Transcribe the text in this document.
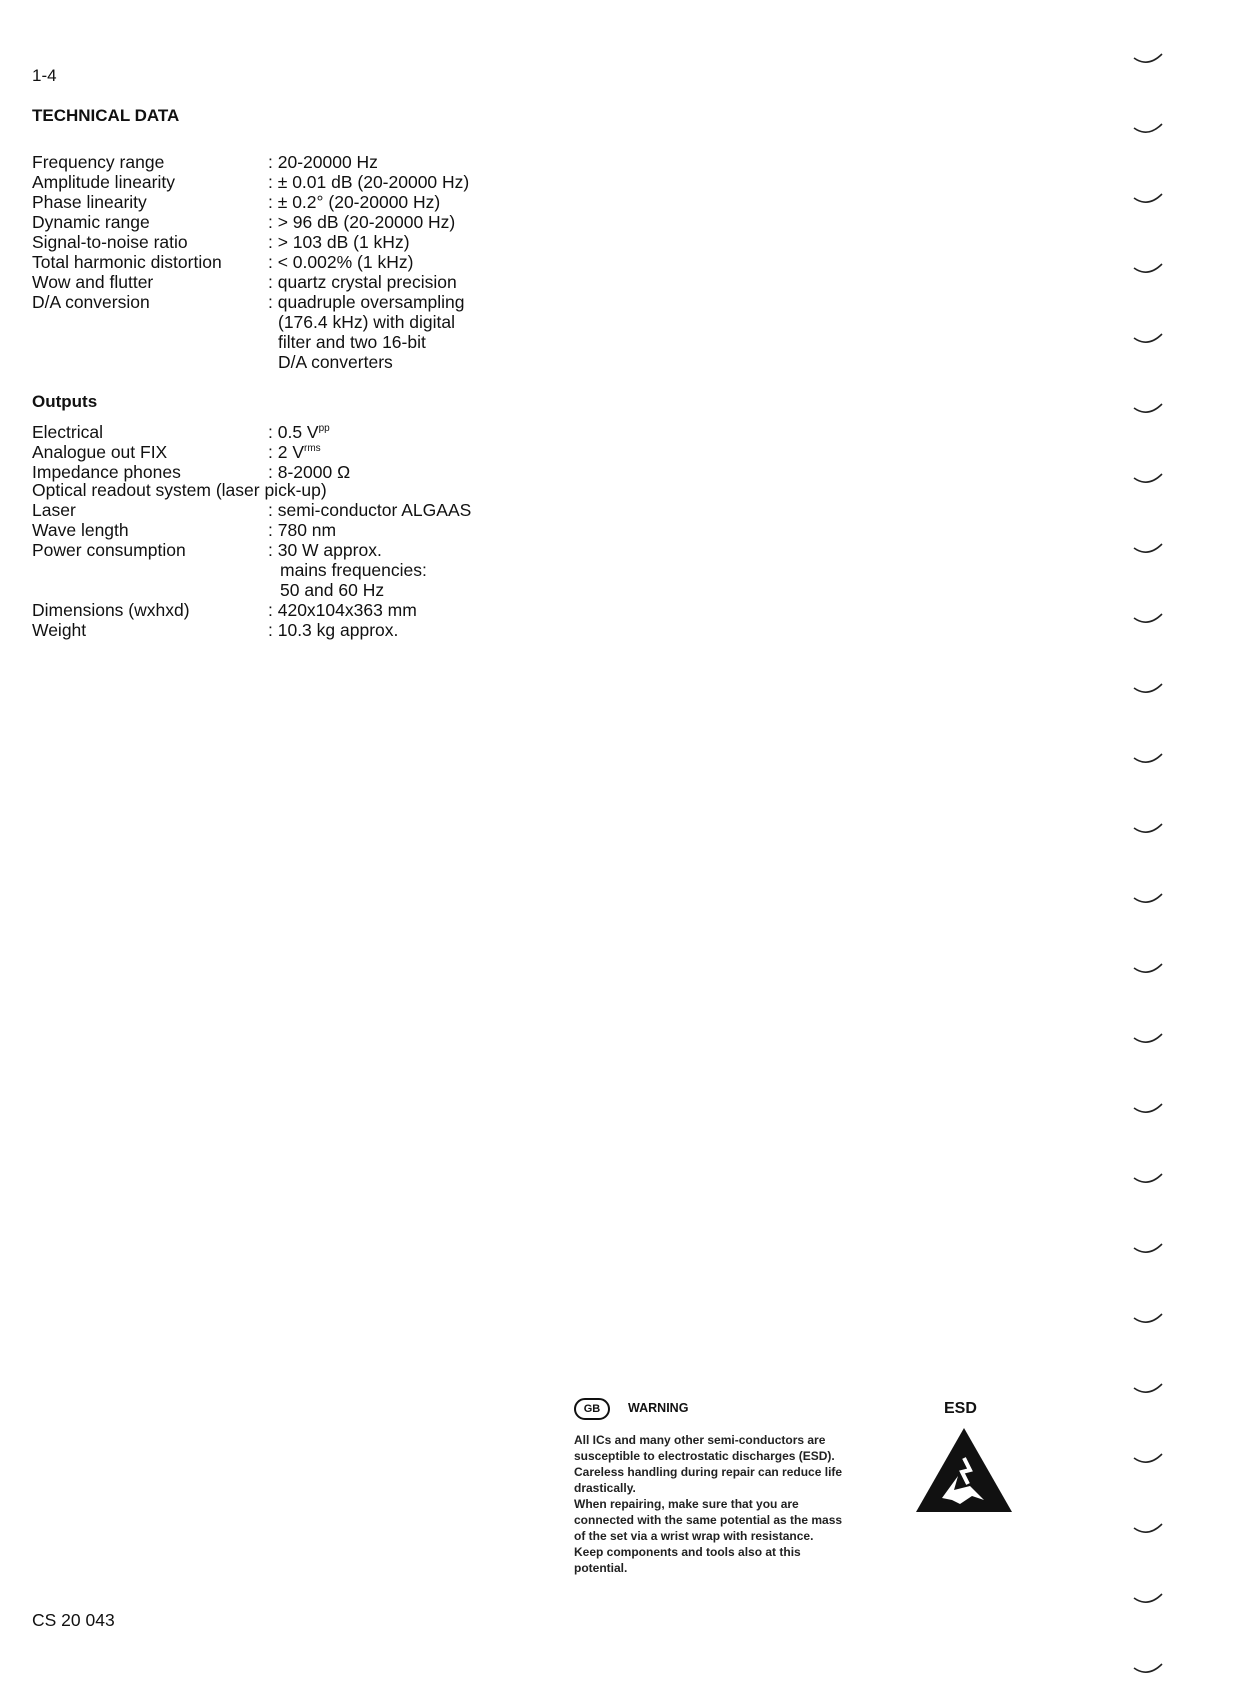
1-4
TECHNICAL DATA
Frequency range	: 20-20000 Hz
Amplitude linearity	: ± 0.01 dB (20-20000 Hz)
Phase linearity	: ± 0.2° (20-20000 Hz)
Dynamic range	: > 96 dB (20-20000 Hz)
Signal-to-noise ratio	: > 103 dB (1 kHz)
Total harmonic distortion	: < 0.002% (1 kHz)
Wow and flutter	: quartz crystal precision
D/A conversion	: quadruple oversampling
(176.4 kHz) with digital
filter and two 16-bit
D/A converters
Outputs
Electrical	: 0.5 $V^{pp}$
Analogue out FIX	: 2 $V^{rms}$
Impedance phones	: 8-2000 Ω
Optical readout system (laser pick-up)
Laser	: semi-conductor ALGAAS
Wave length	: 780 nm
Power consumption	: 30 W approx.
mains frequencies:
50 and 60 Hz
Dimensions (wxhxd)	: 420x104x363 mm
Weight	: 10.3 kg approx.
GB	WARNING
All ICs and many other semi-conductors are
susceptible to electrostatic discharges (ESD).
Careless handling during repair can reduce life
drastically.
When repairing, make sure that you are
connected with the same potential as the mass
of the set via a wrist wrap with resistance.
Keep components and tools also at this
potential.
ESD
CS 20 043
